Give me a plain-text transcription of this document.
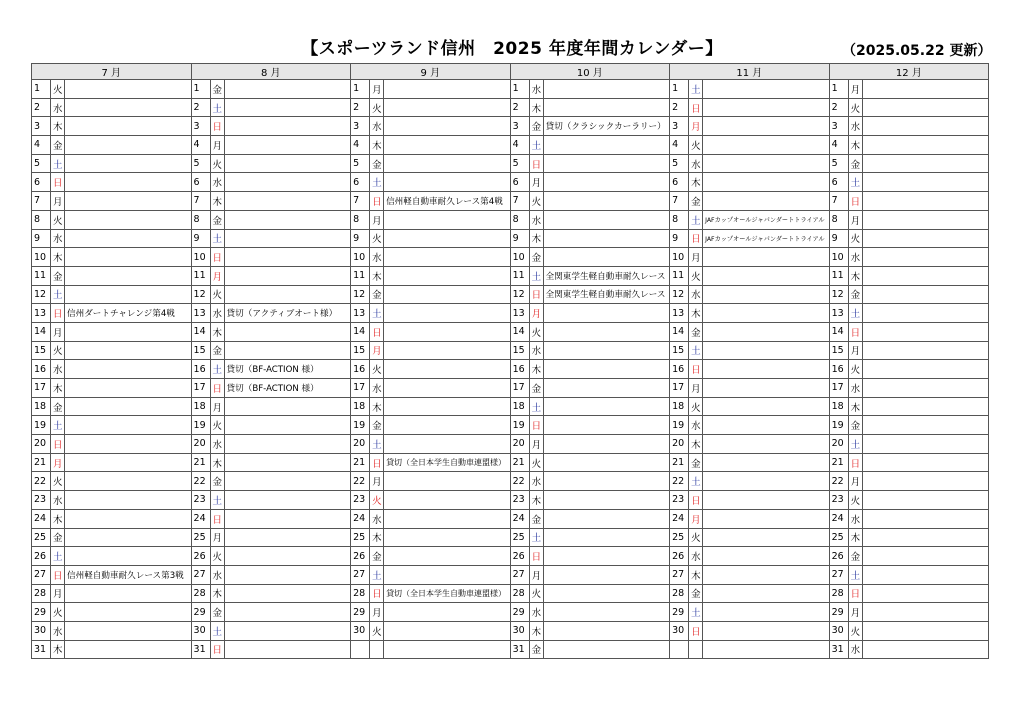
【スポーツランド信州　2025 年度年間カレンダー】	（2025.05.22 更新）
7 月			8 月			9 月			10 月			11 月			12 月		
1	火		1	金		1	月		1	水		1	土		1	月	
2	水		2	土		2	火		2	木		2	日		2	火	
3	木		3	日		3	水		3	金	貸切（クラシックカーラリー）	3	月		3	水	
4	金		4	月		4	木		4	土		4	火		4	木	
5	土		5	火		5	金		5	日		5	水		5	金	
6	日		6	水		6	土		6	月		6	木		6	土	
7	月		7	木		7	日	信州軽自動車耐久レース第4戦	7	火		7	金		7	日	
8	火		8	金		8	月		8	水		8	土	JAFカップオールジャパンダートトライアル	8	月	
9	水		9	土		9	火		9	木		9	日	JAFカップオールジャパンダートトライアル	9	火	
10	木		10	日		10	水		10	金		10	月		10	水	
11	金		11	月		11	木		11	土	全関東学生軽自動車耐久レース	11	火		11	木	
12	土		12	火		12	金		12	日	全関東学生軽自動車耐久レース	12	水		12	金	
13	日	信州ダートチャレンジ第4戦	13	水	貸切（アクティブオート様）	13	土		13	月		13	木		13	土	
14	月		14	木		14	日		14	火		14	金		14	日	
15	火		15	金		15	月		15	水		15	土		15	月	
16	水		16	土	貸切（BF-ACTION 様）	16	火		16	木		16	日		16	火	
17	木		17	日	貸切（BF-ACTION 様）	17	水		17	金		17	月		17	水	
18	金		18	月		18	木		18	土		18	火		18	木	
19	土		19	火		19	金		19	日		19	水		19	金	
20	日		20	水		20	土		20	月		20	木		20	土	
21	月		21	木		21	日	貸切（全日本学生自動車連盟様）	21	火		21	金		21	日	
22	火		22	金		22	月		22	水		22	土		22	月	
23	水		23	土		23	火		23	木		23	日		23	火	
24	木		24	日		24	水		24	金		24	月		24	水	
25	金		25	月		25	木		25	土		25	火		25	木	
26	土		26	火		26	金		26	日		26	水		26	金	
27	日	信州軽自動車耐久レース第3戦	27	水		27	土		27	月		27	木		27	土	
28	月		28	木		28	日	貸切（全日本学生自動車連盟様）	28	火		28	金		28	日	
29	火		29	金		29	月		29	水		29	土		29	月	
30	水		30	土		30	火		30	木		30	日		30	火	
31	木		31	日					31	金					31	水	
